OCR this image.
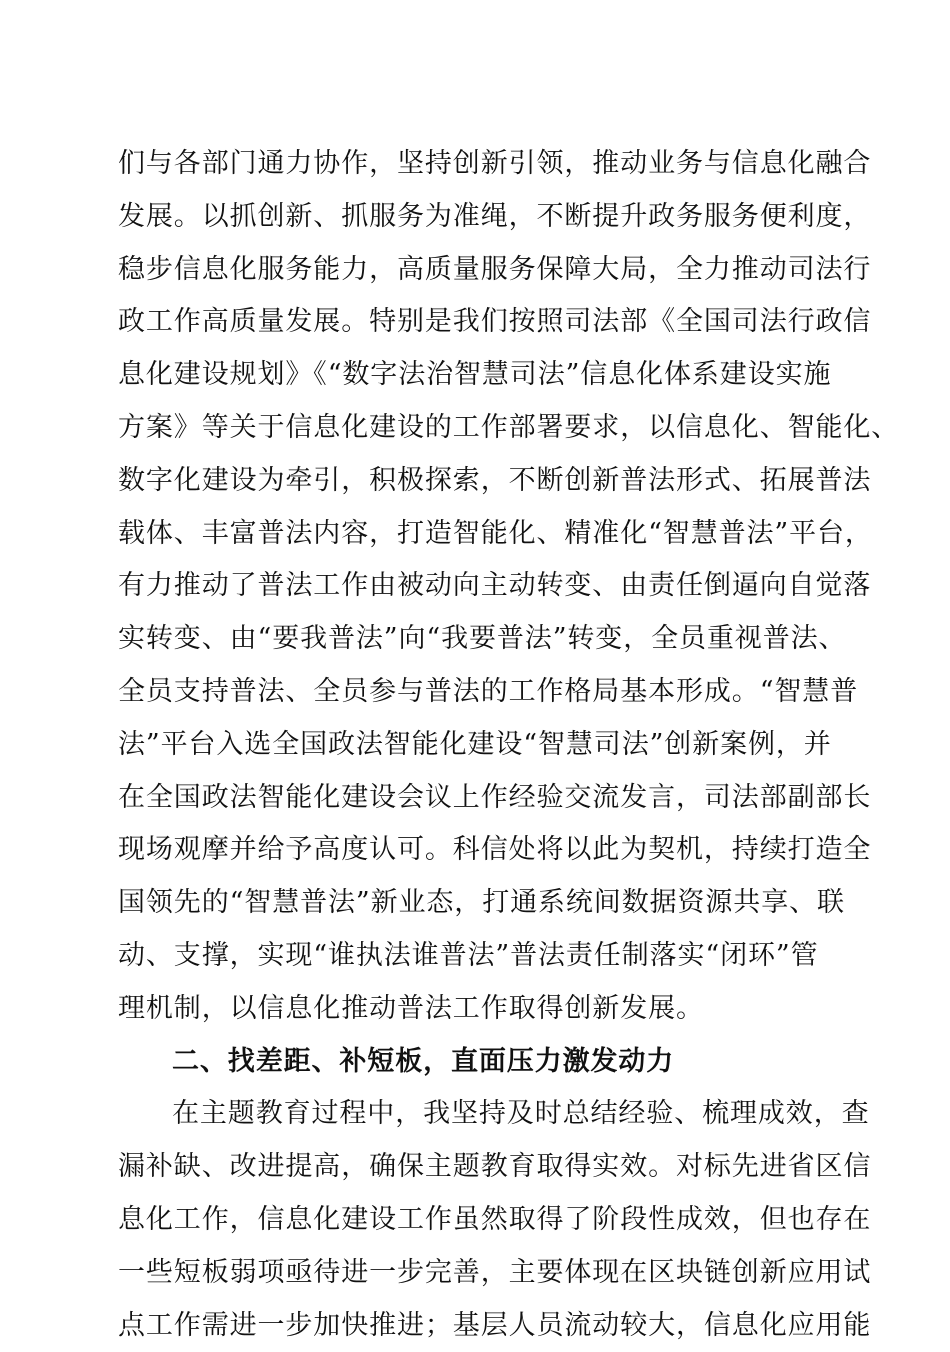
们与各部门通力协作，坚持创新引领，推动业务与信息化融合
发展。以抓创新、抓服务为准绳，不断提升政务服务便利度，
稳步信息化服务能力，高质量服务保障大局，全力推动司法行
政工作高质量发展。特别是我们按照司法部《全国司法行政信
息化建设规划》《“数字法治智慧司法”信息化体系建设实施
方案》等关于信息化建设的工作部署要求，以信息化、智能化、
数字化建设为牵引，积极探索，不断创新普法形式、拓展普法
载体、丰富普法内容，打造智能化、精准化“智慧普法”平台，
有力推动了普法工作由被动向主动转变、由责任倒逼向自觉落
实转变、由“要我普法”向“我要普法”转变，全员重视普法、
全员支持普法、全员参与普法的工作格局基本形成。“智慧普
法”平台入选全国政法智能化建设“智慧司法”创新案例，并
在全国政法智能化建设会议上作经验交流发言，司法部副部长
现场观摩并给予高度认可。科信处将以此为契机，持续打造全
国领先的“智慧普法”新业态，打通系统间数据资源共享、联
动、支撑，实现“谁执法谁普法”普法责任制落实“闭环”管
理机制，以信息化推动普法工作取得创新发展。
二、找差距、补短板，直面压力激发动力
在主题教育过程中，我坚持及时总结经验、梳理成效，查
漏补缺、改进提高，确保主题教育取得实效。对标先进省区信
息化工作，信息化建设工作虽然取得了阶段性成效，但也存在
一些短板弱项亟待进一步完善，主要体现在区块链创新应用试
点工作需进一步加快推进；基层人员流动较大，信息化应用能
